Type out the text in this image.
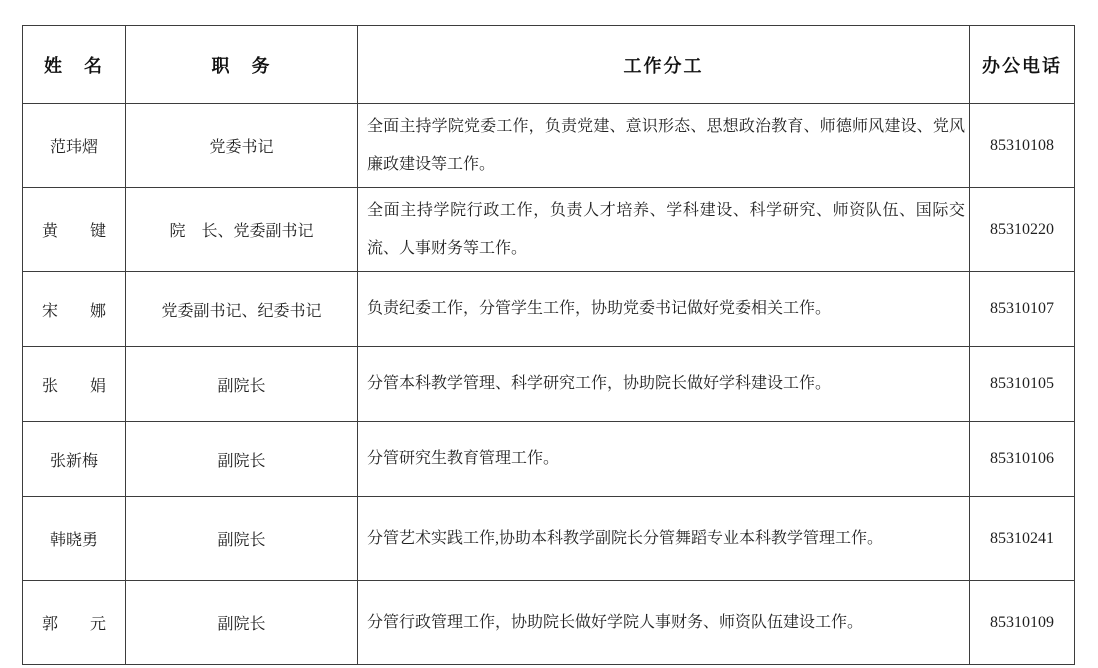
姓　名	职　务	工作分工	办公电话
范玮熠	党委书记	全面主持学院党委工作，负责党建、意识形态、思想政治教育、师德师风建设、党风廉政建设等工作。	85310108
黄　　键	院　长、党委副书记	全面主持学院行政工作，负责人才培养、学科建设、科学研究、师资队伍、国际交流、人事财务等工作。	85310220
宋　　娜	党委副书记、纪委书记	负责纪委工作，分管学生工作，协助党委书记做好党委相关工作。	85310107
张　　娟	副院长	分管本科教学管理、科学研究工作，协助院长做好学科建设工作。	85310105
张新梅	副院长	分管研究生教育管理工作。	85310106
韩晓勇	副院长	分管艺术实践工作,协助本科教学副院长分管舞蹈专业本科教学管理工作。	85310241
郭　　元	副院长	分管行政管理工作，协助院长做好学院人事财务、师资队伍建设工作。	85310109
